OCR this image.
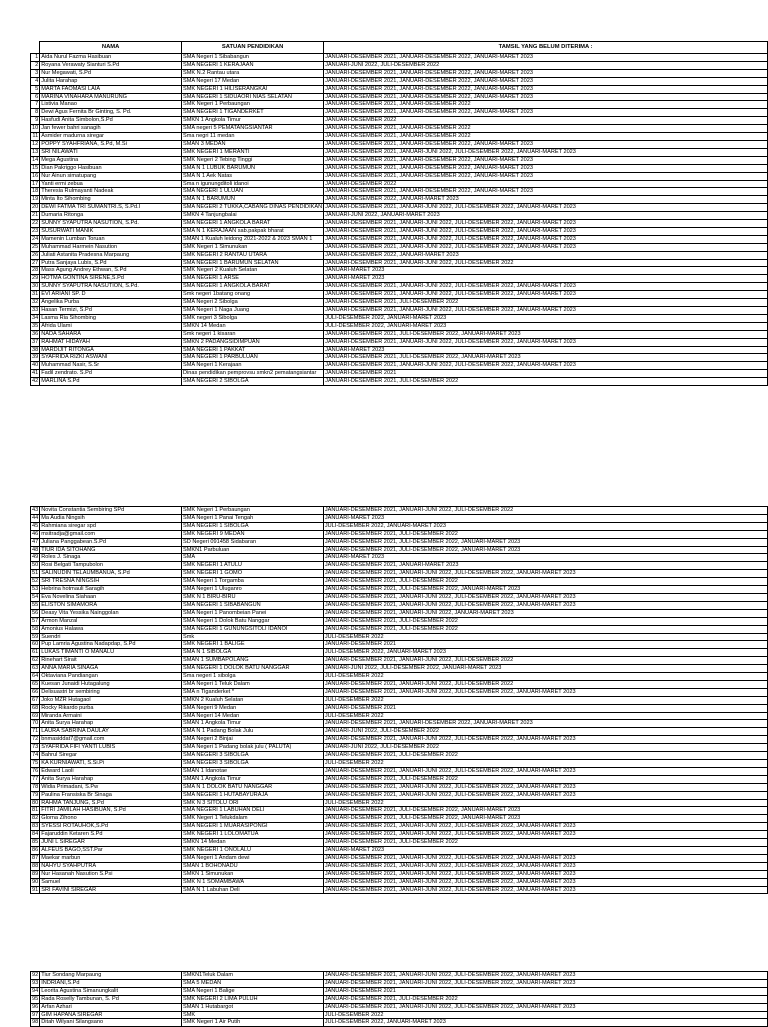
	NAMA	SATUAN PENDIDIKAN	TAMSIL YANG BELUM DITERIMA :
1	Aida Nurul Fazma Hasibuan	SMA Negeri 1 Sibabangun	JANUARI-DESEMBER 2021, JANUARI-DESEMBER 2022, JANUARI-MARET 2023
2	Royana Verawaty Sianturi S.Pd	SMA NEGERI 1 KERAJAAN	JANUARI-JUNI 2022, JULI-DESEMBER 2022
3	Nur Megawati, S.Pd	SMK N.2 Rantau utara	JANUARI-DESEMBER 2021, JANUARI-DESEMBER 2022, JANUARI-MARET 2023
4	Julita Harahap	SMA Negeri 17 Medan	JANUARI-DESEMBER 2021, JANUARI-DESEMBER 2022, JANUARI-MARET 2023
5	MARTA FAOMASI LAIA	SMK NEGERI 1 HILISERANGKAI	JANUARI-DESEMBER 2021, JANUARI-DESEMBER 2022, JANUARI-MARET 2023
6	MARINA VINAHARA MANURUNG	SMA NEGERI 1 SIDUAORI NIAS SELATAN	JANUARI-DESEMBER 2021, JANUARI-DESEMBER 2022, JANUARI-MARET 2023
7	Listivia Manao	SMK Negeri 1 Perbaungan	JANUARI-DESEMBER 2021, JANUARI-DESEMBER 2022
8	Dewi Agus Fernita Br Ginting, S. Pd.	SMA NEGERI 1 TIGANDERKET	JANUARI-DESEMBER 2021, JANUARI-DESEMBER 2022, JANUARI-MARET 2023
9	Hasfudi Anita Simbolon,S.Pd	SMKN 1 Angkola Timur	JANUARI-DESEMBER 2022
10	Jan fewer bahri sanagih	SMA negeri 5 PEMATANGSIANTAR	JANUARI-DESEMBER 2021, JANUARI-DESEMBER 2022
11	Asmider madurna siregar	Sma negri 11 medan	JANUARI-DESEMBER 2021, JANUARI-DESEMBER 2022
12	POPPY SYAHFRIANA, S.Pd, M.Si	SMAN 3 MEDAN	JANUARI-DESEMBER 2021, JANUARI-DESEMBER 2022, JANUARI-MARET 2023
13	SRI NILAWATI	SMK NEGERI 1 MERANTI	JANUARI-DESEMBER 2021, JANUARI-JUNI 2022, JULI-DESEMBER 2022, JANUARI-MARET 2023
14	Mega Agustina	SMK Negeri 2 Tebing Tinggi	JANUARI-DESEMBER 2021, JANUARI-DESEMBER 2022, JANUARI-MARET 2023
15	Dian Pakriggo Hasibuan	SMA N 1 LUBUK BARUMUN	JANUARI-DESEMBER 2021, JANUARI-DESEMBER 2022, JANUARI-MARET 2023
16	Nur Ainun simatupang	SMA N 1 Aek Natas	JANUARI-DESEMBER 2021, JANUARI-DESEMBER 2022, JANUARI-MARET 2023
17	Yanti ermi zebua	Sma n igunungditoli idanoi	JANUARI-DESEMBER 2022
18	Theresia Rulmayanti Nadeak	SMA NEGERI 1 ULUAN	JANUARI-DESEMBER 2021, JANUARI-DESEMBER 2022, JANUARI-MARET 2023
19	Minta Ito Sihombing	SMA N 1 BARUMUN	JANUARI-DESEMBER 2022, JANUARI-MARET 2023
20	DEWI FATMA TRI SUMANTRI.S, S.Pd.I	SMA NEGERI 2 TUKKA,CABANG DINAS PENDIDIKAN	JANUARI-DESEMBER 2021, JANUARI-JUNI 2022, JULI-DESEMBER 2022, JANUARI-MARET 2023
21	Dumaria Ritonga	SMKN 4 Tanjungbalai	JANUARI-JUNI 2022, JANUARI-MARET 2023
22	SUNNY SYAPUTRA NASUTION, S.Pd.	SMA NEGERI 1 ANGKOLA BARAT	JANUARI-DESEMBER 2021, JANUARI-JUNI 2022, JULI-DESEMBER 2022, JANUARI-MARET 2023
23	SUSURWATI MANIK	SMA N 1 KERAJAAN sab.pakpak bharat	JANUARI-DESEMBER 2021, JANUARI-JUNI 2022, JULI-DESEMBER 2022, JANUARI-MARET 2023
24	Mamenin Lumban Toruan	SMAN 1 Kualuh leidong 2021-2022 & 2023 SMAN 1	JANUARI-DESEMBER 2021, JANUARI-JUNI 2022, JULI-DESEMBER 2022, JANUARI-MARET 2023
25	Muhammad Harmein Nasution	SMK Negeri 1 Simunukan	JANUARI-DESEMBER 2021, JANUARI-JUNI 2022, JULI-DESEMBER 2022, JANUARI-MARET 2023
26	Juliati Astanita Pradesna Marpaung	SMK NEGERI 2 RANTAU UTARA	JANUARI-DESEMBER 2022, JANUARI-MARET 2023
27	Putra Sanjaya Lubis, S.Pd	SMA NEGERI 1 BARUMUN SELATAN	JANUARI-DESEMBER 2021, JANUARI-JUNI 2022, JULI-DESEMBER 2022
28	Mass Agung Andrey Ethwan, S.Pd	SMK Negeri 2 Kualuh Selatan	JANUARI-MARET 2023
29	HOTMA GONTINA SIRENE,S.Pd	SMA NEGERI 1 ARSE	JANUARI-MARET 2023
30	SUNNY SYAPUTRA NASUTION, S.Pd.	SMA NEGERI 1 ANGKOLA BARAT	JANUARI-DESEMBER 2021, JANUARI-JUNI 2022, JULI-DESEMBER 2022, JANUARI-MARET 2023
31	EVI ARIANI SP. D	Smk negeri 1batang onang	JANUARI-DESEMBER 2021, JANUARI-JUNI 2022, JULI-DESEMBER 2022, JANUARI-MARET 2023
32	Angelika Purba	SMA Negeri 2 Sibolga	JANUARI-DESEMBER 2021, JULI-DESEMBER 2022
33	Hasan Termizi, S.Pd	SMA Negeri 1 Naga Juang	JANUARI-DESEMBER 2021, JANUARI-JUNI 2022, JULI-DESEMBER 2022, JANUARI-MARET 2023
34	Lasma Ria Sihombing	SMK negeri 3 Sibolga	JULI-DESEMBER 2022, JANUARI-MARET 2023
35	Afrida Ulami	SMKN 14 Medan	JULI-DESEMBER 2022, JANUARI-MARET 2023
36	NADA SAHARA	Smk negeri 1 kisaran	JANUARI-DESEMBER 2021, JULI-DESEMBER 2022, JANUARI-MARET 2023
37	RAHMAT HIDAYAH	SMKN 2 PADANGSIDIMPUAN	JANUARI-DESEMBER 2021, JANUARI-JUNI 2022, JULI-DESEMBER 2022, JANUARI-MARET 2023
38	MARDIJIT RITONGA	SMA NEGERI 1 PAKKAT	JANUARI-MARET 2023
39	SYAFRIDA RIZKI ASWANI	SMA NEGERI 1 PARBULUAN	JANUARI-DESEMBER 2021, JULI-DESEMBER 2022, JANUARI-MARET 2023
40	Muhammad Nasir, S.Sr	SMA Negeri 1 Kerajaan	JANUARI-DESEMBER 2021, JANUARI-JUNI 2022, JULI-DESEMBER 2022, JANUARI-MARET 2023
41	Fadil zendrato. S.Pd	Dinas pendidikan pemprovsu smkn2 pematangsiantar	JANUARI-DESEMBER 2021
42	MARLINA S.Pd	SMA NEGERI 2 SIBOLGA	JANUARI-DESEMBER 2021, JULI-DESEMBER 2022
43	Novita Constantia Sembiring SPd	SMK Negeri 1 Perbaungan	JANUARI-DESEMBER 2021, JANUARI-JUNI 2022, JULI-DESEMBER 2022
44	Ma Audia Ningsih	SMA Negeri 1 Panai Tengah	JANUARI-MARET 2023
45	Rahmiana siregar spd	SMA NEGERI 1 SIBOLGA	JULI-DESEMBER 2022, JANUARI-MARET 2023
46	msitradja@gmail.com	SMK NEGERI 9 MEDAN	JANUARI-DESEMBER 2021, JULI-DESEMBER 2022
47	Juliana Panggabean.S.Pd	SD Negeri 091458 Sidabaran	JANUARI-DESEMBER 2021, JULI-DESEMBER 2022, JANUARI-MARET 2023
48	TIUR IDA SITOHANG	SMKN1 Parbuluan	JANUARI-DESEMBER 2021, JULI-DESEMBER 2022, JANUARI-MARET 2023
49	Roles J. Sinaga	SMA	JANUARI-MARET 2023
50	Rosi Belgati Tampubolon	SMK NEGERI 1 ATULU	JANUARI-DESEMBER 2021, JANUARI-MARET 2023
51	SALINUDIN TELAUMBANUA, S.Pd	SMK NEGERI 1 GOMO	JANUARI-DESEMBER 2021, JANUARI-JUNI 2022, JULI-DESEMBER 2022, JANUARI-MARET 2023
52	SRI TRESNA NINGSIH	SMA Negeri 1 Torgamba	JANUARI-DESEMBER 2021, JULI-DESEMBER 2022
53	Hebrina hotmauli Saragih	SMA Negeri 1 Uluganro	JANUARI-DESEMBER 2021, JULI-DESEMBER 2022, JANUARI-MARET 2023
54	Eva Novelina Siahaan	SMK N 1 BIRU-BIRU	JANUARI-DESEMBER 2021, JANUARI-JUNI 2022, JULI-DESEMBER 2022, JANUARI-MARET 2023
55	ELISTON SIMAMORA	SMA NEGERI 1 SIBABANGUN	JANUARI-DESEMBER 2021, JANUARI-JUNI 2022, JULI-DESEMBER 2022, JANUARI-MARET 2023
56	Deasy Vita Yessika Nainggolan	SMA Negeri 1 Panombeian Panei	JANUARI-DESEMBER 2021, JANUARI-JUNI 2022, JANUARI-MARET 2023
57	Armon Manzal	SMA Negeri 1 Dolok Batu Nanggar	JANUARI-DESEMBER 2021, JULI-DESEMBER 2022
58	Amonius Halawa	SMA NEGERI 1 GUNUNGSITOLI IDANOI	JANUARI-DESEMBER 2021, JULI-DESEMBER 2022
59	Suendri	Smk	JULI-DESEMBER 2022
60	Pup Lamria Agustina Nadapdap, S.Pd	SMK NEGERI 1 BALIGE	JANUARI-DESEMBER 2021
61	LUKAS TIMANTI O MANALU	SMA N 1 SIBOLGA	JULI-DESEMBER 2022, JANUARI-MARET 2023
62	Rinehart Sirait	SMAN 1 SUMBAPOLANG	JANUARI-DESEMBER 2021, JANUARI-JUNI 2022, JULI-DESEMBER 2022
63	ANNA MARIA SINAGA	SMA NEGERI 1 DOLOK BATU NANGGAR	JANUARI-JUNI 2022, JULI-DESEMBER 2022, JANUARI-MARET 2023
64	Oktaviana Pandiangan	Sma negeri 1 sibolga	JULI-DESEMBER 2022
65	Kuesan Junaidi Hutagalung	SMA Negeri 1 Teluk Dalam	JANUARI-DESEMBER 2021, JANUARI-JUNI 2022, JULI-DESEMBER 2022
66	Delisuastri br sembiring	SMA n Tiganderket *	JANUARI-DESEMBER 2021, JANUARI-JUNI 2022, JULI-DESEMBER 2022, JANUARI-MARET 2023
67	Joko MZR Hutagaol	SMKN 2 Kualuh Selatan	JULI-DESEMBER 2022
68	Rocky Rikardo purba	SMA Negeri 9 Medan	JANUARI-DESEMBER 2021
69	Miranda Armaini	SMA Negeri 14 Medan	JULI-DESEMBER 2022
70	Anita Surya Harahap	SMAN 1 Angkola Timur	JANUARI-DESEMBER 2021, JANUARI-DESEMBER 2022, JANUARI-MARET 2023
71	LAURA SABRINA DAULAY	SMA N 1 Padang Bolak Julu	JANUARI-JUNI 2022, JULI-DESEMBER 2022
72	bnmasiddat7@gmail.com	SMA Negeri 2 Binjai	JANUARI-DESEMBER 2021, JANUARI-JUNI 2022, JULI-DESEMBER 2022, JANUARI-MARET 2023
73	SYAFRIDA FIFI YANTI LUBIS	SMA Negeri 1 Padang bolak julu ( PALUTA)	JANUARI-JUNI 2022, JULI-DESEMBER 2022
74	Bahrul Siregar	SMA NEGERI 3 SIBOLGA	JANUARI-DESEMBER 2021, JULI-DESEMBER 2022
75	KA KURNIAWATI, S.Si.Pi	SMA NEGERI 3 SIBOLGA	JULI-DESEMBER 2022
76	Edward Laoli	SMAN 1 Idanotae	JANUARI-DESEMBER 2021, JANUARI-JUNI 2022, JULI-DESEMBER 2022, JANUARI-MARET 2023
77	Anita Surya Harahap	SMAN 1 Angkola Timur	JANUARI-DESEMBER 2021, JULI-DESEMBER 2022
78	Widia Primadani, S.Pw	SMA N 1 DOLOK BATU NANGGAR	JANUARI-DESEMBER 2021, JANUARI-JUNI 2022, JULI-DESEMBER 2022, JANUARI-MARET 2023
79	Paulina Fransiska Br Sinaga	SMA NEGERI 1 HUTABAYURAJA	JANUARI-DESEMBER 2021, JANUARI-JUNI 2022, JULI-DESEMBER 2022, JANUARI-MARET 2023
80	RAHMA TANJUNG, S.Pd	SMK N 3 SITOLU ORI	JULI-DESEMBER 2022
81	FITRI JAMILAH HASIBUAN, S.Pd	SMA NEGERI 1 LABUHAN DELI	JANUARI-DESEMBER 2021, JULI-DESEMBER 2022, JANUARI-MARET 2023
82	Glorna Zihono	SMK Negeri 1 Telukdalam	JANUARI-DESEMBER 2021, JULI-DESEMBER 2022, JANUARI-MARET 2023
83	SYESSI ROTAUHOK,S.Pd	SMA NEGERI 1 MUARASIPONGI	JANUARI-DESEMBER 2021, JANUARI-JUNI 2022, JULI-DESEMBER 2022, JANUARI-MARET 2023
84	Fajaruddin Ketaren S.Pd	SMK NEGERI 1 LOLOMATUA	JANUARI-DESEMBER 2021, JANUARI-JUNI 2022, JULI-DESEMBER 2022, JANUARI-MARET 2023
85	JUNI L SIREGAR	SMKN 14 Medan	JANUARI-DESEMBER 2021, JULI-DESEMBER 2022
86	ALFEUS BAGO,SST.Par	SMK NEGERI 1 ONOLALU	JANUARI-MARET 2023
87	Maekar marbun	SMA Negeri 1 Andam dewi	JANUARI-DESEMBER 2021, JANUARI-JUNI 2022, JULI-DESEMBER 2022, JANUARI-MARET 2023
88	NAHYU SYAHPUTRA	SMAN 1 BOHONADU	JANUARI-DESEMBER 2021, JANUARI-JUNI 2022, JULI-DESEMBER 2022, JANUARI-MARET 2023
89	Nur Hasanah Nasution S.Psi	SMKN 1 Simunukan	JANUARI-DESEMBER 2021, JANUARI-JUNI 2022, JULI-DESEMBER 2022, JANUARI-MARET 2023
90	Samuel	SMK N 1 SOMAMBAWA	JANUARI-DESEMBER 2021, JANUARI-JUNI 2022, JULI-DESEMBER 2022, JANUARI-MARET 2023
91	SRI FAVINI SIREGAR	SMA N 1 Labuhan Deli	JANUARI-DESEMBER 2021, JANUARI-JUNI 2022, JULI-DESEMBER 2022, JANUARI-MARET 2023
92	Tiur Sondang Marpaung	SMKN1Teluk Dalam	JANUARI-DESEMBER 2021, JANUARI-JUNI 2022, JULI-DESEMBER 2022, JANUARI-MARET 2023
93	INDRIANI,S.Pd	SMA 5 MEDAN	JANUARI-DESEMBER 2021, JANUARI-JUNI 2022, JULI-DESEMBER 2022, JANUARI-MARET 2023
94	Leorita Agustina Simanungkalit	SMA Negeri 1 Balige	JANUARI-DESEMBER 2021
95	Rada Roselly Tambunan, S. Pd	SMK NEGERI 2 LIMA PULUH	JANUARI-DESEMBER 2021, JULI-DESEMBER 2022
96	Arfan Azhari	SMAN 1 Hutabargot	JANUARI-DESEMBER 2021, JANUARI-JUNI 2022, JULI-DESEMBER 2022, JANUARI-MARET 2023
97	GIM HAPANA SIREGAR	SMK	JULI-DESEMBER 2022
98	Ditah Wilyani Silangsano	SMK Negeri 1 Air Putih	JULI-DESEMBER 2022, JANUARI-MARET 2023
